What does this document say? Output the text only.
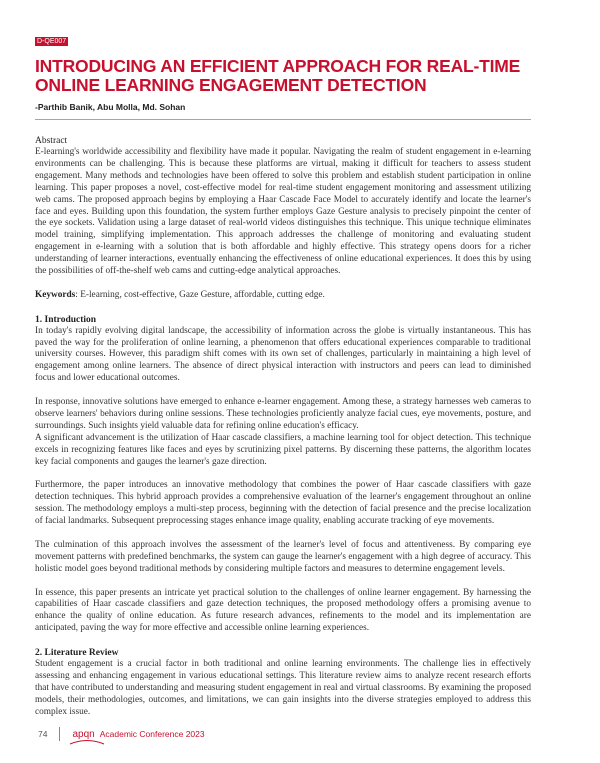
D-QE007
INTRODUCING AN EFFICIENT APPROACH FOR REAL-TIME ONLINE LEARNING ENGAGEMENT DETECTION
-Parthib Banik, Abu Molla, Md. Sohan
Abstract

E-learning's worldwide accessibility and flexibility have made it popular. Navigating the realm of student engagement in e-learning environments can be challenging. This is because these platforms are virtual, making it difficult for teachers to assess student engagement. Many methods and technologies have been offered to solve this problem and establish student participation in online learning. This paper proposes a novel, cost-effective model for real-time student engagement monitoring and assessment utilizing web cams. The proposed approach begins by employing a Haar Cascade Face Model to accurately identify and locate the learner's face and eyes. Building upon this foundation, the system further employs Gaze Gesture analysis to precisely pinpoint the center of the eye sockets. Validation using a large dataset of real-world videos distinguishes this technique. This unique technique eliminates model training, simplifying implementation. This approach addresses the challenge of monitoring and evaluating student engagement in e-learning with a solution that is both affordable and highly effective. This strategy opens doors for a richer understanding of learner interactions, eventually enhancing the effectiveness of online educational experiences. It does this by using the possibilities of off-the-shelf web cams and cutting-edge analytical approaches.

Keywords: E-learning, cost-effective, Gaze Gesture, affordable, cutting edge.

1. Introduction

In today's rapidly evolving digital landscape, the accessibility of information across the globe is virtually instantaneous. This has paved the way for the proliferation of online learning, a phenomenon that offers educational experiences comparable to traditional university courses. However, this paradigm shift comes with its own set of challenges, particularly in maintaining a high level of engagement among online learners. The absence of direct physical interaction with instructors and peers can lead to diminished focus and lower educational outcomes.

In response, innovative solutions have emerged to enhance e-learner engagement. Among these, a strategy harnesses web cameras to observe learners' behaviors during online sessions. These technologies proficiently analyze facial cues, eye movements, posture, and surroundings. Such insights yield valuable data for refining online education's efficacy.

A significant advancement is the utilization of Haar cascade classifiers, a machine learning tool for object detection. This technique excels in recognizing features like faces and eyes by scrutinizing pixel patterns. By discerning these patterns, the algorithm locates key facial components and gauges the learner's gaze direction.

Furthermore, the paper introduces an innovative methodology that combines the power of Haar cascade classifiers with gaze detection techniques. This hybrid approach provides a comprehensive evaluation of the learner's engagement throughout an online session. The methodology employs a multi-step process, beginning with the detection of facial presence and the precise localization of facial landmarks. Subsequent preprocessing stages enhance image quality, enabling accurate tracking of eye movements.

The culmination of this approach involves the assessment of the learner's level of focus and attentiveness. By comparing eye movement patterns with predefined benchmarks, the system can gauge the learner's engagement with a high degree of accuracy. This holistic model goes beyond traditional methods by considering multiple factors and measures to determine engagement levels.

In essence, this paper presents an intricate yet practical solution to the challenges of online learner engagement. By harnessing the capabilities of Haar cascade classifiers and gaze detection techniques, the proposed methodology offers a promising avenue to enhance the quality of online education. As future research advances, refinements to the model and its implementation are anticipated, paving the way for more effective and accessible online learning experiences.

2. Literature Review

Student engagement is a crucial factor in both traditional and online learning environments. The challenge lies in effectively assessing and enhancing engagement in various educational settings. This literature review aims to analyze recent research efforts that have contributed to understanding and measuring student engagement in real and virtual classrooms. By examining the proposed models, their methodologies, outcomes, and limitations, we can gain insights into the diverse strategies employed to address this complex issue.

74	apqn Academic Conference 2023
